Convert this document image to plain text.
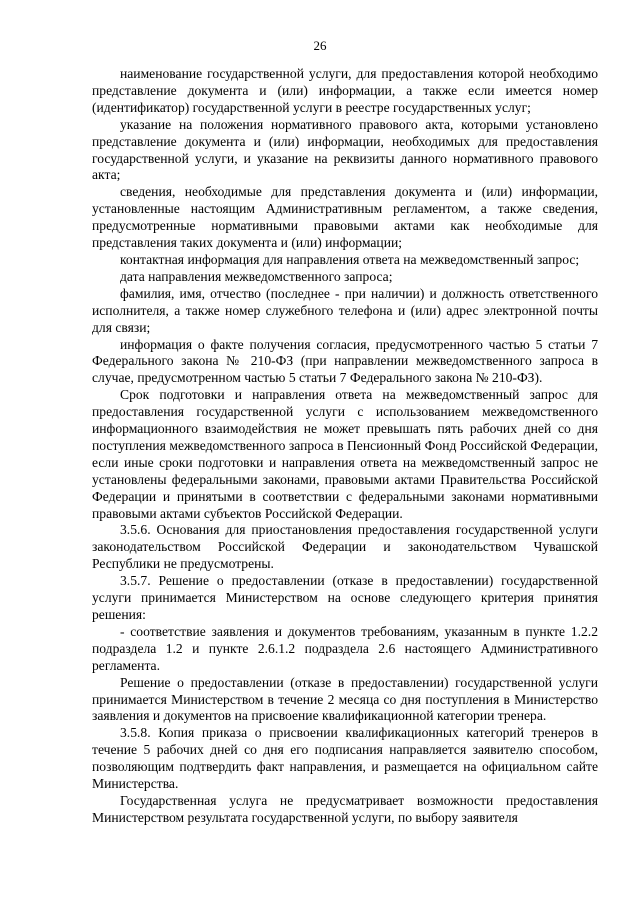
26

наименование государственной услуги, для предоставления которой необходимо представление документа и (или) информации, а также если имеется номер (идентификатор) государственной услуги в реестре государственных услуг;

указание на положения нормативного правового акта, которыми установлено представление документа и (или) информации, необходимых для предоставления государственной услуги, и указание на реквизиты данного нормативного правового акта;

сведения, необходимые для представления документа и (или) информации, установленные настоящим Административным регламентом, а также сведения, предусмотренные нормативными правовыми актами как необходимые для представления таких документа и (или) информации;

контактная информация для направления ответа на межведомственный запрос;

дата направления межведомственного запроса;

фамилия, имя, отчество (последнее - при наличии) и должность ответственного исполнителя, а также номер служебного телефона и (или) адрес электронной почты для связи;

информация о факте получения согласия, предусмотренного частью 5 статьи 7 Федерального закона № 210-ФЗ (при направлении межведомственного запроса в случае, предусмотренном частью 5 статьи 7 Федерального закона № 210-ФЗ).

Срок подготовки и направления ответа на межведомственный запрос для предоставления государственной услуги с использованием межведомственного информационного взаимодействия не может превышать пять рабочих дней со дня поступления межведомственного запроса в Пенсионный Фонд Российской Федерации, если иные сроки подготовки и направления ответа на межведомственный запрос не установлены федеральными законами, правовыми актами Правительства Российской Федерации и принятыми в соответствии с федеральными законами нормативными правовыми актами субъектов Российской Федерации.

3.5.6. Основания для приостановления предоставления государственной услуги законодательством Российской Федерации и законодательством Чувашской Республики не предусмотрены.

3.5.7. Решение о предоставлении (отказе в предоставлении) государственной услуги принимается Министерством на основе следующего критерия принятия решения:

- соответствие заявления и документов требованиям, указанным в пункте 1.2.2 подраздела 1.2 и пункте 2.6.1.2 подраздела 2.6 настоящего Административного регламента.

Решение о предоставлении (отказе в предоставлении) государственной услуги принимается Министерством в течение 2 месяца со дня поступления в Министерство заявления и документов на присвоение квалификационной категории тренера.

3.5.8. Копия приказа о присвоении квалификационных категорий тренеров в течение 5 рабочих дней со дня его подписания направляется заявителю способом, позволяющим подтвердить факт направления, и размещается на официальном сайте Министерства.

Государственная услуга не предусматривает возможности предоставления Министерством результата государственной услуги, по выбору заявителя
